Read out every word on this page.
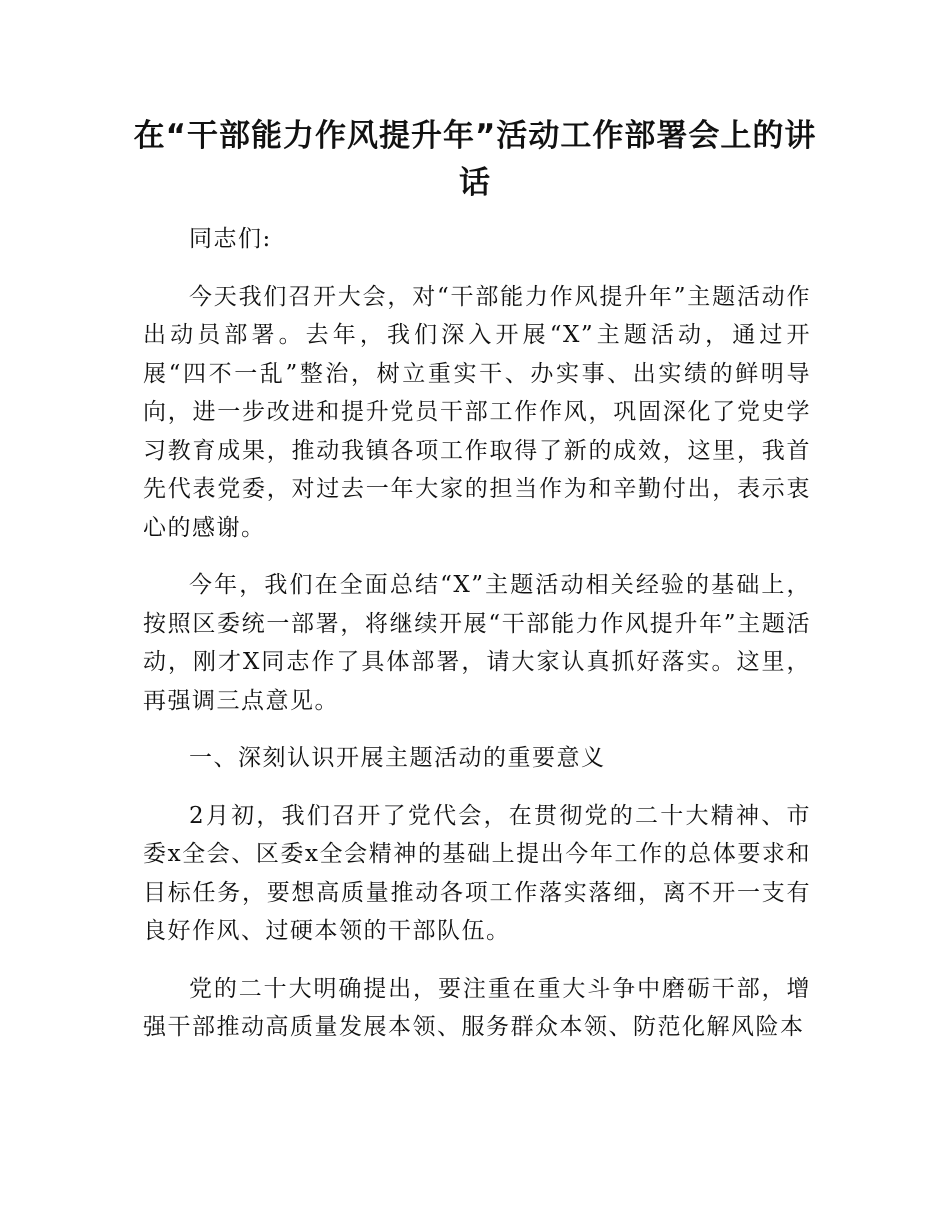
在“干部能力作风提升年”活动工作部署会上的讲话

同志们:

今天我们召开大会，对“干部能力作风提升年”主题活动作出动员部署。去年，我们深入开展“X”主题活动，通过开展“四不一乱”整治，树立重实干、办实事、出实绩的鲜明导向，进一步改进和提升党员干部工作作风，巩固深化了党史学习教育成果，推动我镇各项工作取得了新的成效，这里，我首先代表党委，对过去一年大家的担当作为和辛勤付出，表示衷心的感谢。

今年，我们在全面总结“X”主题活动相关经验的基础上，按照区委统一部署，将继续开展“干部能力作风提升年”主题活动，刚才X同志作了具体部署，请大家认真抓好落实。这里，再强调三点意见。

一、深刻认识开展主题活动的重要意义

2月初，我们召开了党代会，在贯彻党的二十大精神、市委x全会、区委x全会精神的基础上提出今年工作的总体要求和目标任务，要想高质量推动各项工作落实落细，离不开一支有良好作风、过硬本领的干部队伍。

党的二十大明确提出，要注重在重大斗争中磨砺干部，增强干部推动高质量发展本领、服务群众本领、防范化解风险本
